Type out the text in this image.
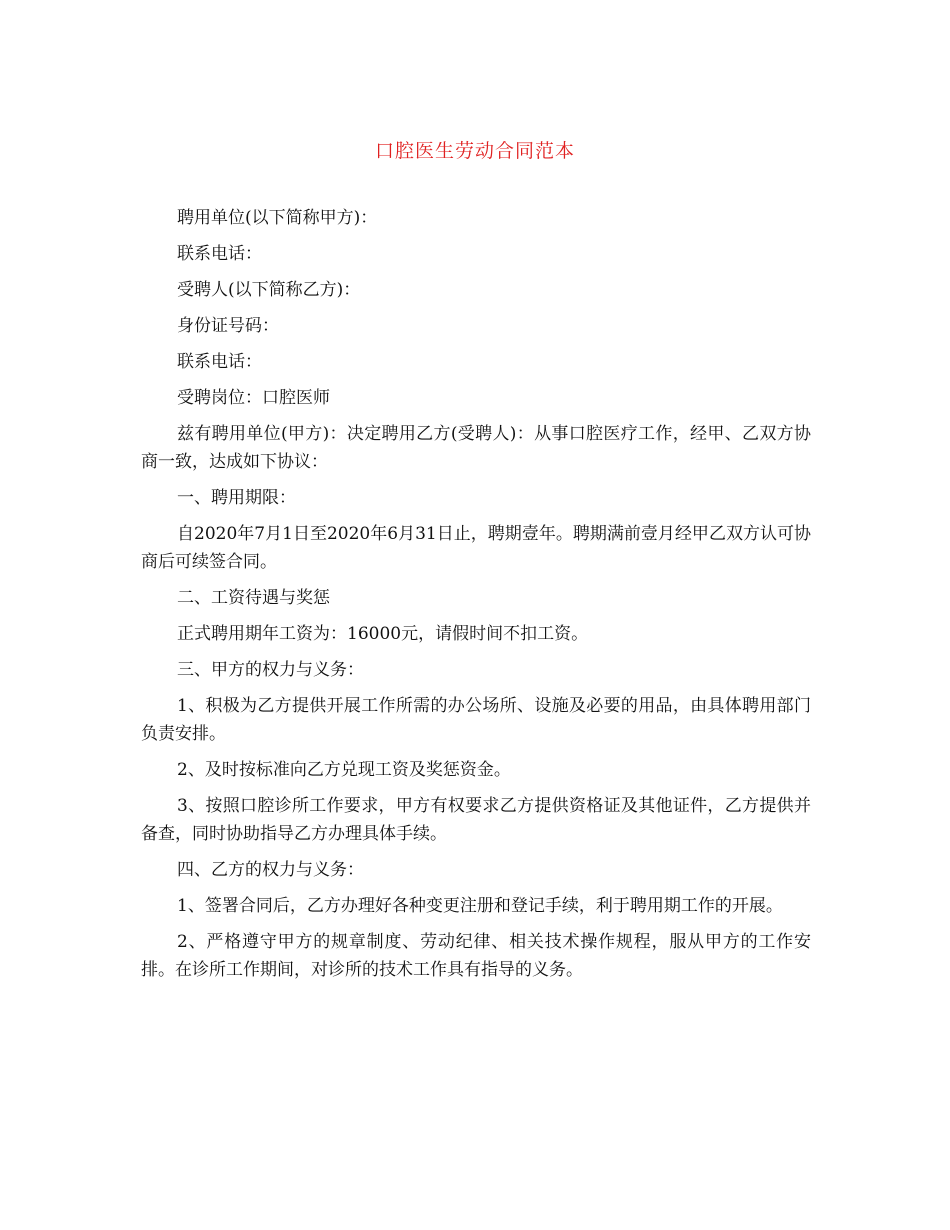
口腔医生劳动合同范本

聘用单位(以下简称甲方)：

联系电话：

受聘人(以下简称乙方)：

身份证号码：

联系电话：

受聘岗位：口腔医师

兹有聘用单位(甲方)：决定聘用乙方(受聘人)：从事口腔医疗工作，经甲、乙双方协商一致，达成如下协议：

一、聘用期限：

自2020年7月1日至2020年6月31日止，聘期壹年。聘期满前壹月经甲乙双方认可协商后可续签合同。

二、工资待遇与奖惩

正式聘用期年工资为：16000元，请假时间不扣工资。

三、甲方的权力与义务：

1、积极为乙方提供开展工作所需的办公场所、设施及必要的用品，由具体聘用部门负责安排。

2、及时按标准向乙方兑现工资及奖惩资金。

3、按照口腔诊所工作要求，甲方有权要求乙方提供资格证及其他证件，乙方提供并备查，同时协助指导乙方办理具体手续。

四、乙方的权力与义务：

1、签署合同后，乙方办理好各种变更注册和登记手续，利于聘用期工作的开展。

2、严格遵守甲方的规章制度、劳动纪律、相关技术操作规程，服从甲方的工作安排。在诊所工作期间，对诊所的技术工作具有指导的义务。
